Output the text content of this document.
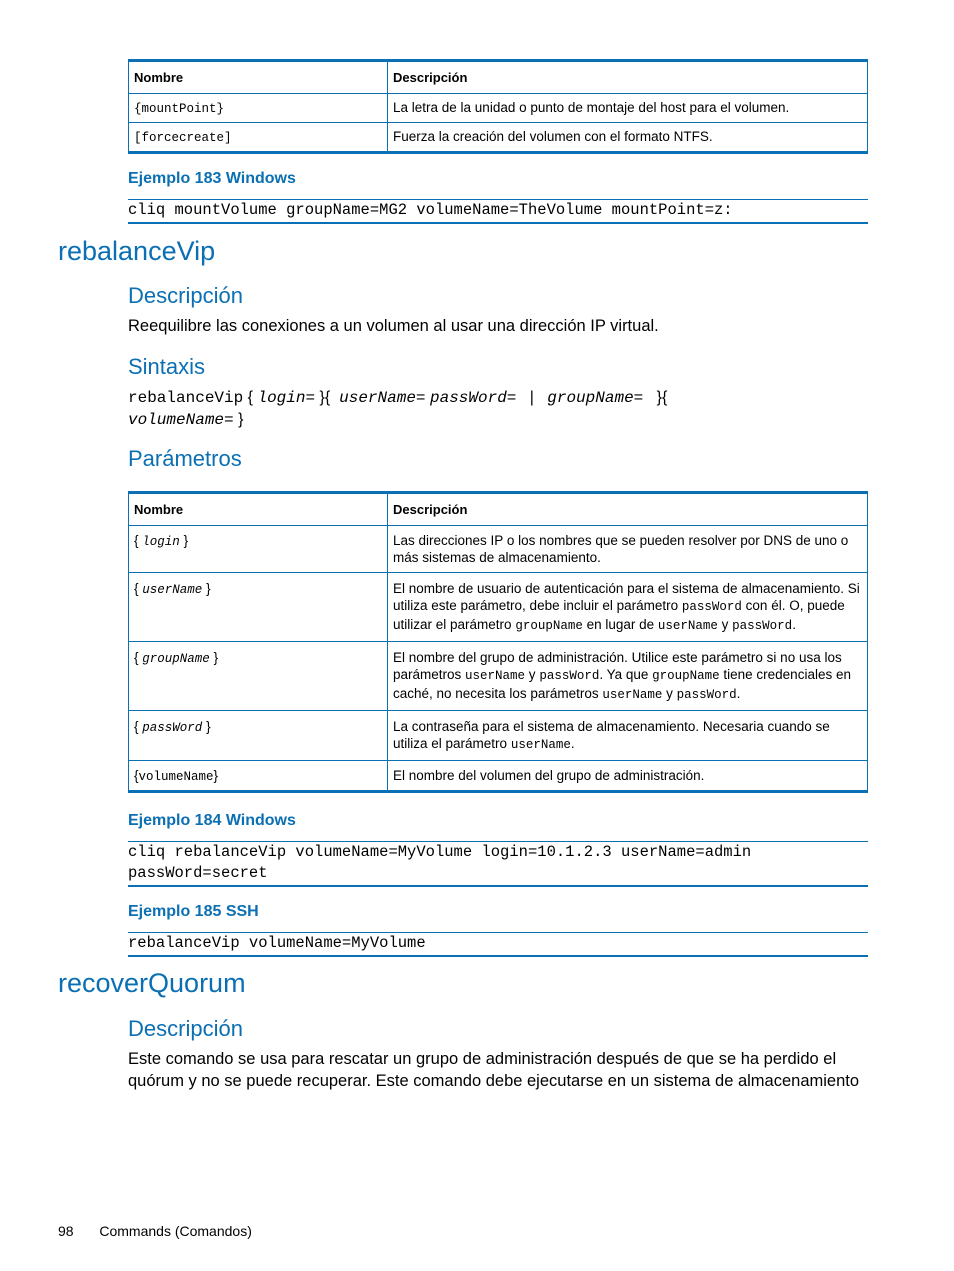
Nombre	Descripción
{mountPoint}	La letra de la unidad o punto de montaje del host para el volumen.
[forcecreate]	Fuerza la creación del volumen con el formato NTFS.
Ejemplo 183 Windows
cliq mountVolume groupName=MG2 volumeName=TheVolume mountPoint=z:
rebalanceVip
Descripción
Reequilibre las conexiones a un volumen al usar una dirección IP virtual.
Sintaxis
rebalanceVip { login= }{ userName= passWord= | groupName= }{
volumeName= }
Parámetros
Nombre	Descripción
{ login }	Las direcciones IP o los nombres que se pueden resolver por DNS de uno o más sistemas de almacenamiento.
{ userName }	El nombre de usuario de autenticación para el sistema de almacenamiento. Si utiliza este parámetro, debe incluir el parámetro passWord con él. O, puede utilizar el parámetro groupName en lugar de userName y passWord.
{ groupName }	El nombre del grupo de administración. Utilice este parámetro si no usa los parámetros userName y passWord. Ya que groupName tiene credenciales en caché, no necesita los parámetros userName y passWord.
{ passWord }	La contraseña para el sistema de almacenamiento. Necesaria cuando se utiliza el parámetro userName.
{volumeName}	El nombre del volumen del grupo de administración.
Ejemplo 184 Windows
cliq rebalanceVip volumeName=MyVolume login=10.1.2.3 userName=admin passWord=secret
Ejemplo 185 SSH
rebalanceVip volumeName=MyVolume
recoverQuorum
Descripción
Este comando se usa para rescatar un grupo de administración después de que se ha perdido el quórum y no se puede recuperar. Este comando debe ejecutarse en un sistema de almacenamiento
98 Commands (Comandos)
